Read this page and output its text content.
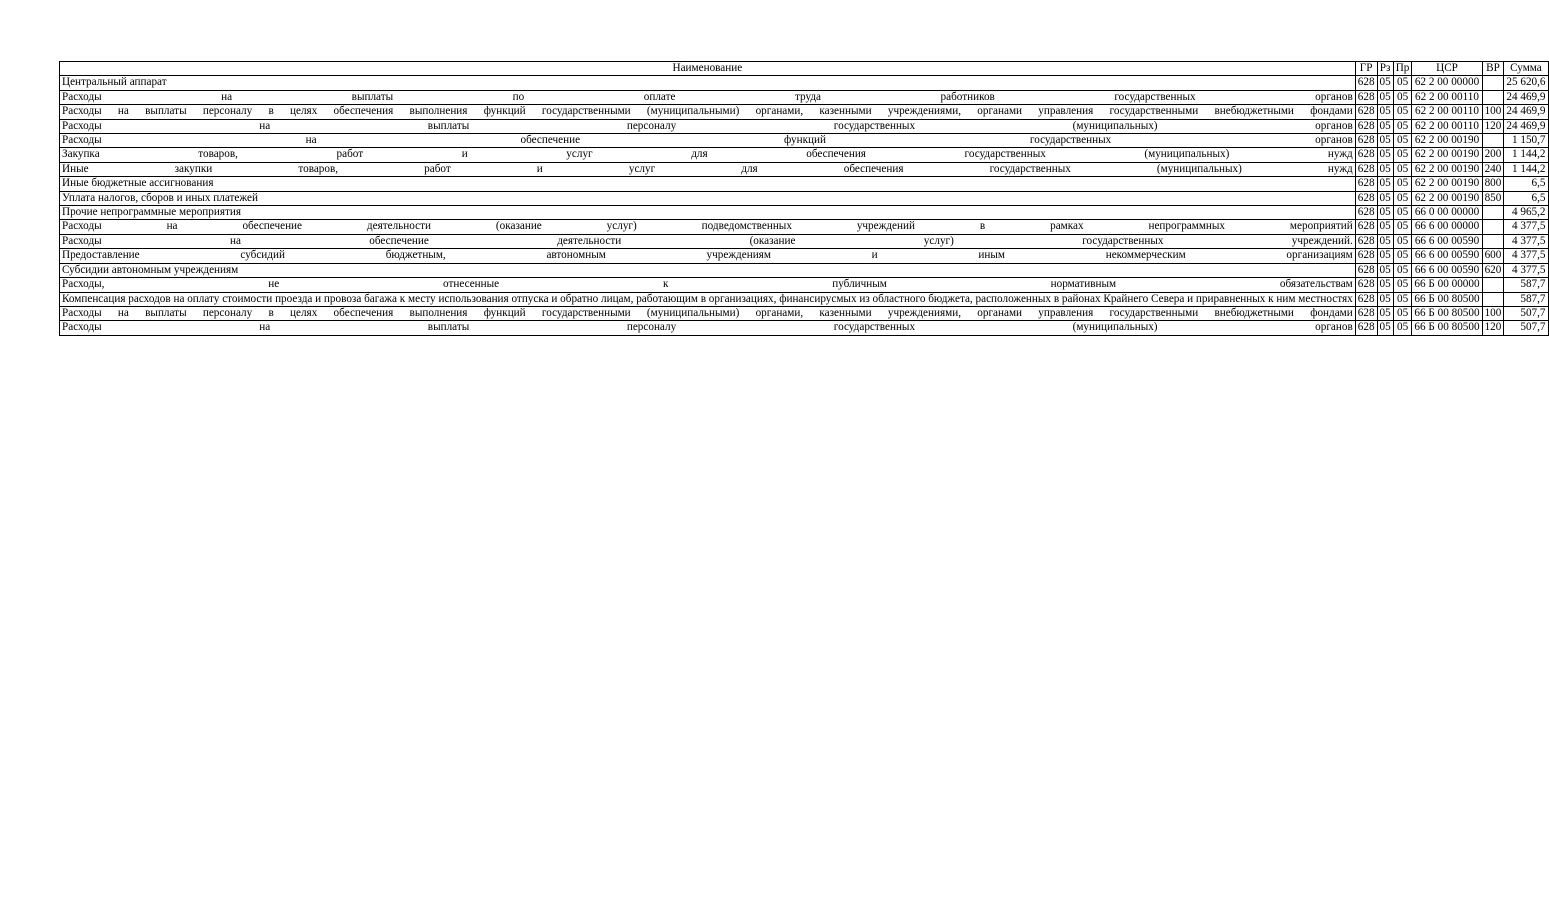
Наименование	ГР	Рз	Пр	ЦСР	ВР	Сумма
Центральный аппарат	628	05	05	62 2 00 00000		25 620,6
Расходы на выплаты по оплате труда работников государственных органов	628	05	05	62 2 00 00110		24 469,9
Расходы на выплаты персоналу в целях обеспечения выполнения функций государственными (муниципальными) органами, казенными учреждениями, органами управления государственными внебюджетными фондами	628	05	05	62 2 00 00110	100	24 469,9
Расходы на выплаты персоналу государственных (муниципальных) органов	628	05	05	62 2 00 00110	120	24 469,9
Расходы на обеспечение функций государственных органов	628	05	05	62 2 00 00190		1 150,7
Закупка товаров, работ и услуг для обеспечения государственных (муниципальных) нужд	628	05	05	62 2 00 00190	200	1 144,2
Иные закупки товаров, работ и услуг для обеспечения государственных (муниципальных) нужд	628	05	05	62 2 00 00190	240	1 144,2
Иные бюджетные ассигнования	628	05	05	62 2 00 00190	800	6,5
Уплата налогов, сборов и иных платежей	628	05	05	62 2 00 00190	850	6,5
Прочие непрограммные мероприятия	628	05	05	66 0 00 00000		4 965,2
Расходы на обеспечение деятельности (оказание услуг) подведомственных учреждений в рамках непрограммных мероприятий	628	05	05	66 6 00 00000		4 377,5
Расходы на обеспечение деятельности (оказание услуг) государственных учреждений.	628	05	05	66 6 00 00590		4 377,5
Предоставление субсидий бюджетным, автономным учреждениям и иным некоммерческим организациям	628	05	05	66 6 00 00590	600	4 377,5
Субсидии автономным учреждениям	628	05	05	66 6 00 00590	620	4 377,5
Расходы, не отнесенные к публичным нормативным обязательствам	628	05	05	66 Б 00 00000		587,7
Компенсация расходов на оплату стоимости проезда и провоза багажа к месту использования отпуска и обратно лицам, работающим в организациях, финансирусмых из областного бюджета, расположенных в районах Крайнего Севера и приравненных к ним местностях	628	05	05	66 Б 00 80500		587,7
Расходы на выплаты персоналу в целях обеспечения выполнения функций государственными (муниципальными) органами, казенными учреждениями, органами управления государственными внебюджетными фондами	628	05	05	66 Б 00 80500	100	507,7
Расходы на выплаты персоналу государственных (муниципальных) органов	628	05	05	66 Б 00 80500	120	507,7
